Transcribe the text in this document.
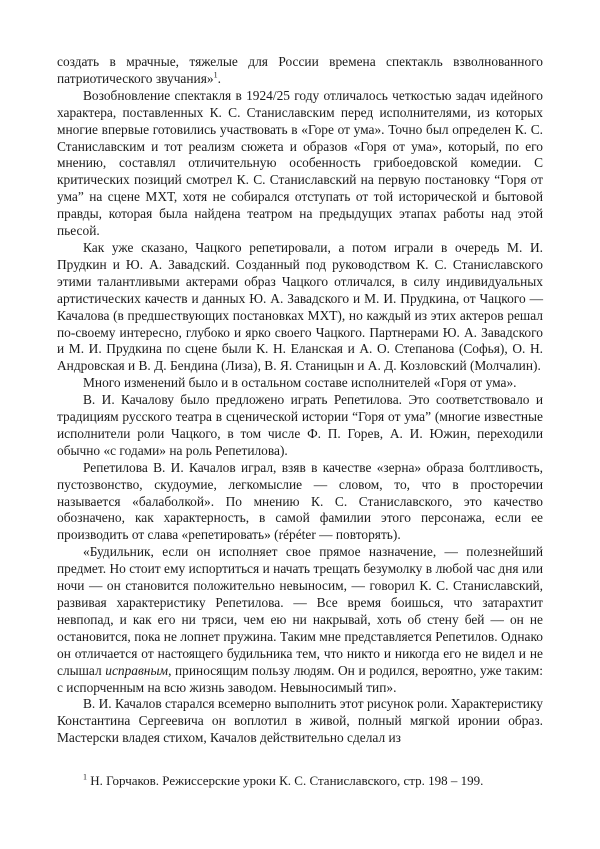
создать в мрачные, тяжелые для России времена спектакль взволнованного патриотического звучания»$^1$.

Возобновление спектакля в 1924/25 году отличалось четкостью задач идейного характера, поставленных К. С. Станиславским перед исполнителями, из которых многие впервые готовились участвовать в «Горе от ума». Точно был определен К. С. Станиславским и тот реализм сюжета и образов «Горя от ума», который, по его мнению, составлял отличительную особенность грибоедовской комедии. С критических позиций смотрел К. С. Станиславский на первую постановку “Горя от ума” на сцене МХТ, хотя не собирался отступать от той исторической и бытовой правды, которая была найдена театром на предыдущих этапах работы над этой пьесой.

Как уже сказано, Чацкого репетировали, а потом играли в очередь М. И. Прудкин и Ю. А. Завадский. Созданный под руководством К. С. Станиславского этими талантливыми актерами образ Чацкого отличался, в силу индивидуальных артистических качеств и данных Ю. А. Завадского и М. И. Прудкина, от Чацкого — Качалова (в предшествующих постановках МХТ), но каждый из этих актеров решал по-своему интересно, глубоко и ярко своего Чацкого. Партнерами Ю. А. Завадского и М. И. Прудкина по сцене были К. Н. Еланская и А. О. Степанова (Софья), О. Н. Андровская и В. Д. Бендина (Лиза), В. Я. Станицын и А. Д. Козловский (Молчалин).

Много изменений было и в остальном составе исполнителей «Горя от ума».

В. И. Качалову было предложено играть Репетилова. Это соответствовало и традициям русского театра в сценической истории “Горя от ума” (многие известные исполнители роли Чацкого, в том числе Ф. П. Горев, А. И. Южин, переходили обычно «с годами» на роль Репетилова).

Репетилова В. И. Качалов играл, взяв в качестве «зерна» образа болтливость, пустозвонство, скудоумие, легкомыслие — словом, то, что в просторечии называется «балаболкой». По мнению К. С. Станиславского, это качество обозначено, как характерность, в самой фамилии этого персонажа, если ее производить от слава «репетировать» (répéter — повторять).

«Будильник, если он исполняет свое прямое назначение, — полезнейший предмет. Но стоит ему испортиться и начать трещать безумолку в любой час дня или ночи — он становится положительно невыносим, — говорил К. С. Станиславский, развивая характеристику Репетилова. — Все время боишься, что затарахтит невпопад, и как его ни тряси, чем ею ни накрывай, хоть об стену бей — он не остановится, пока не лопнет пружина. Таким мне представляется Репетилов. Однако он отличается от настоящего будильника тем, что никто и никогда его не видел и не слышал исправным, приносящим пользу людям. Он и родился, вероятно, уже таким: с испорченным на всю жизнь заводом. Невыносимый тип».

В. И. Качалов старался всемерно выполнить этот рисунок роли. Характеристику Константина Сергеевича он воплотил в живой, полный мягкой иронии образ. Мастерски владея стихом, Качалов действительно сделал из

$^1$ Н. Горчаков. Режиссерские уроки К. С. Станиславского, стр. 198 – 199.
